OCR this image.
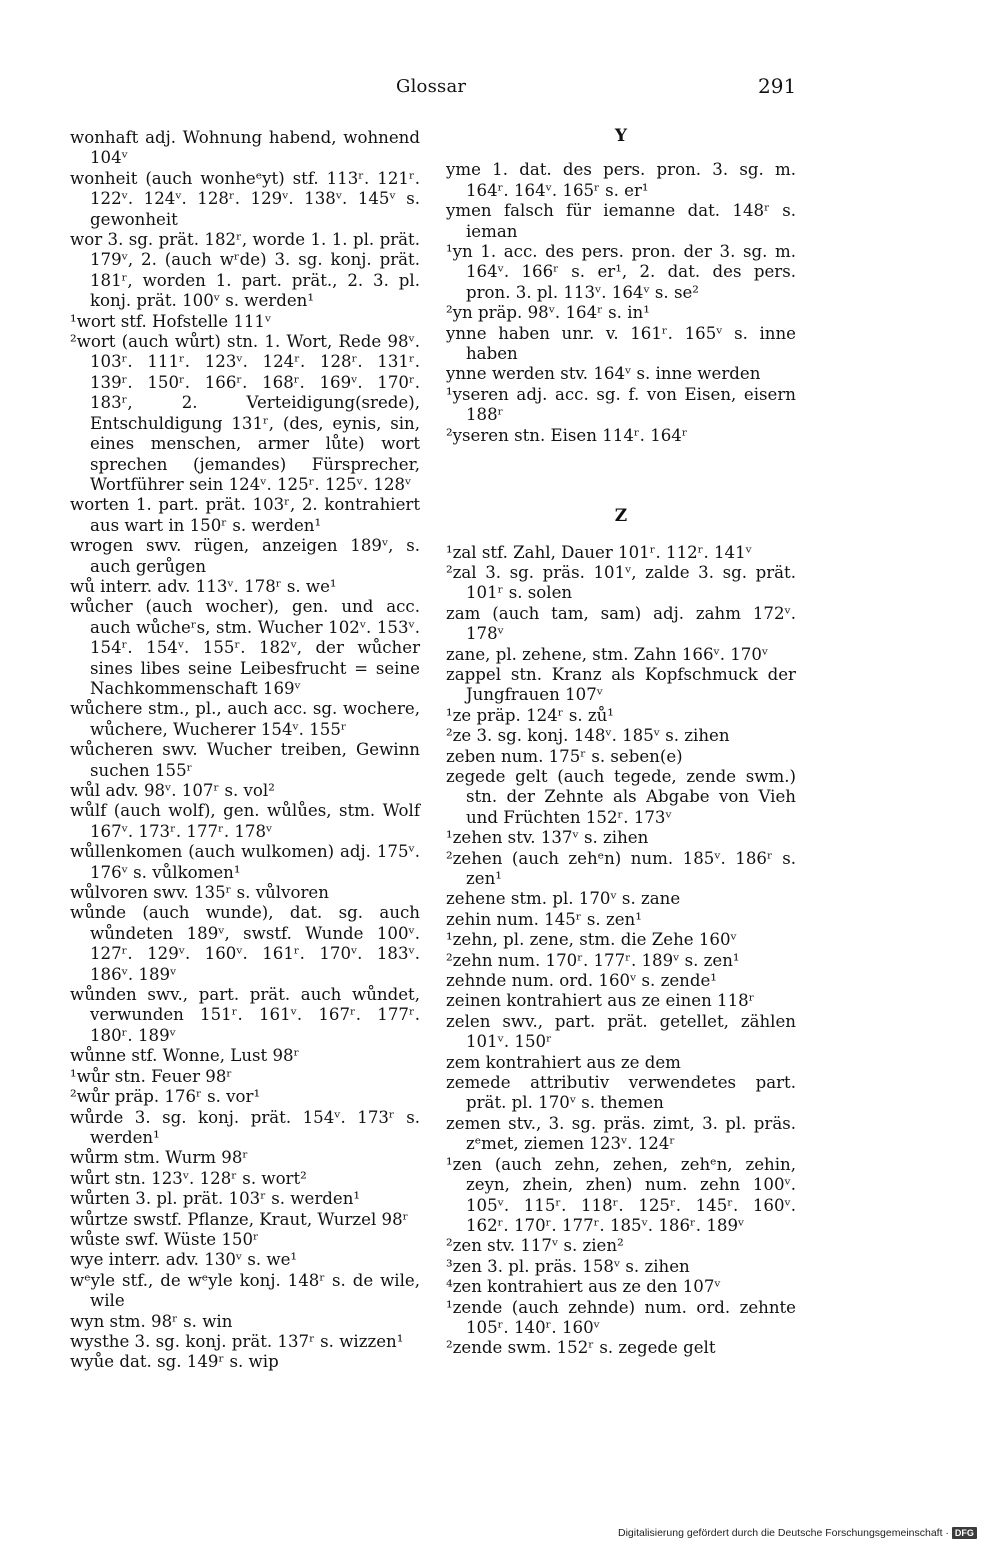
Glossar	291

wonhaft adj. Wohnung habend, wohnend 104ᵛ

wonheit (auch wonheᵉyt) stf. 113ʳ. 121ʳ. 122ᵛ. 124ᵛ. 128ʳ. 129ᵛ. 138ᵛ. 145ᵛ s. gewonheit

wor 3. sg. prät. 182ʳ, worde 1. 1. pl. prät. 179ᵛ, 2. (auch wʳde) 3. sg. konj. prät. 181ʳ, worden 1. part. prät., 2. 3. pl. konj. prät. 100ᵛ s. werden¹

¹wort stf. Hofstelle 111ᵛ

²wort (auch wůrt) stn. 1. Wort, Rede 98ᵛ. 103ʳ. 111ʳ. 123ᵛ. 124ʳ. 128ʳ. 131ʳ. 139ʳ. 150ʳ. 166ʳ. 168ʳ. 169ᵛ. 170ʳ. 183ʳ, 2. Verteidigung(srede), Entschuldigung 131ʳ, (des, eynis, sin, eines menschen, armer lůte) wort sprechen (jemandes) Fürsprecher, Wortführer sein 124ᵛ. 125ʳ. 125ᵛ. 128ᵛ

worten 1. part. prät. 103ʳ, 2. kontrahiert aus wart in 150ʳ s. werden¹

wrogen swv. rügen, anzeigen 189ᵛ, s. auch gerůgen

wů interr. adv. 113ᵛ. 178ʳ s. we¹

wůcher (auch wocher), gen. und acc. auch wůcheʳs, stm. Wucher 102ᵛ. 153ᵛ. 154ʳ. 154ᵛ. 155ʳ. 182ᵛ, der wůcher sines libes seine Leibesfrucht = seine Nachkommenschaft 169ᵛ

wůchere stm., pl., auch acc. sg. wochere, wůchere, Wucherer 154ᵛ. 155ʳ

wůcheren swv. Wucher treiben, Gewinn suchen 155ʳ

wůl adv. 98ᵛ. 107ʳ s. vol²

wůlf (auch wolf), gen. wůlůes, stm. Wolf 167ᵛ. 173ʳ. 177ʳ. 178ᵛ

wůllenkomen (auch wulkomen) adj. 175ᵛ. 176ᵛ s. vůlkomen¹

wůlvoren swv. 135ʳ s. vůlvoren

wůnde (auch wunde), dat. sg. auch wůndeten 189ᵛ, swstf. Wunde 100ᵛ. 127ʳ. 129ᵛ. 160ᵛ. 161ʳ. 170ᵛ. 183ᵛ. 186ᵛ. 189ᵛ

wůnden swv., part. prät. auch wůndet, verwunden 151ʳ. 161ᵛ. 167ʳ. 177ʳ. 180ʳ. 189ᵛ

wůnne stf. Wonne, Lust 98ʳ

¹wůr stn. Feuer 98ʳ

²wůr präp. 176ʳ s. vor¹

wůrde 3. sg. konj. prät. 154ᵛ. 173ʳ s. werden¹

wůrm stm. Wurm 98ʳ

wůrt stn. 123ᵛ. 128ʳ s. wort²

wůrten 3. pl. prät. 103ʳ s. werden¹

wůrtze swstf. Pflanze, Kraut, Wurzel 98ʳ

wůste swf. Wüste 150ʳ

wye interr. adv. 130ᵛ s. we¹

wᵉyle stf., de wᵉyle konj. 148ʳ s. de wile, wile

wyn stm. 98ʳ s. win

wysthe 3. sg. konj. prät. 137ʳ s. wizzen¹

wyůe dat. sg. 149ʳ s. wip

Y

yme 1. dat. des pers. pron. 3. sg. m. 164ʳ. 164ᵛ. 165ʳ s. er¹

ymen falsch für iemanne dat. 148ʳ s. ieman

¹yn 1. acc. des pers. pron. der 3. sg. m. 164ᵛ. 166ʳ s. er¹, 2. dat. des pers. pron. 3. pl. 113ᵛ. 164ᵛ s. se²

²yn präp. 98ᵛ. 164ʳ s. in¹

ynne haben unr. v. 161ʳ. 165ᵛ s. inne haben

ynne werden stv. 164ᵛ s. inne werden

¹yseren adj. acc. sg. f. von Eisen, eisern 188ʳ

²yseren stn. Eisen 114ʳ. 164ʳ

Z

¹zal stf. Zahl, Dauer 101ʳ. 112ʳ. 141ᵛ

²zal 3. sg. präs. 101ᵛ, zalde 3. sg. prät. 101ʳ s. solen

zam (auch tam, sam) adj. zahm 172ᵛ. 178ᵛ

zane, pl. zehene, stm. Zahn 166ᵛ. 170ᵛ

zappel stn. Kranz als Kopfschmuck der Jungfrauen 107ᵛ

¹ze präp. 124ʳ s. zů¹

²ze 3. sg. konj. 148ᵛ. 185ᵛ s. zihen

zeben num. 175ʳ s. seben(e)

zegede gelt (auch tegede, zende swm.) stn. der Zehnte als Abgabe von Vieh und Früchten 152ʳ. 173ᵛ

¹zehen stv. 137ᵛ s. zihen

²zehen (auch zehᵉn) num. 185ᵛ. 186ʳ s. zen¹

zehene stm. pl. 170ᵛ s. zane

zehin num. 145ʳ s. zen¹

¹zehn, pl. zene, stm. die Zehe 160ᵛ

²zehn num. 170ʳ. 177ʳ. 189ᵛ s. zen¹

zehnde num. ord. 160ᵛ s. zende¹

zeinen kontrahiert aus ze einen 118ʳ

zelen swv., part. prät. getellet, zählen 101ᵛ. 150ʳ

zem kontrahiert aus ze dem

zemede attributiv verwendetes part. prät. pl. 170ᵛ s. themen

zemen stv., 3. sg. präs. zimt, 3. pl. präs. zᵉmet, ziemen 123ᵛ. 124ʳ

¹zen (auch zehn, zehen, zehᵉn, zehin, zeyn, zhein, zhen) num. zehn 100ᵛ. 105ᵛ. 115ʳ. 118ʳ. 125ʳ. 145ʳ. 160ᵛ. 162ʳ. 170ʳ. 177ʳ. 185ᵛ. 186ʳ. 189ᵛ

²zen stv. 117ᵛ s. zien²

³zen 3. pl. präs. 158ᵛ s. zihen

⁴zen kontrahiert aus ze den 107ᵛ

¹zende (auch zehnde) num. ord. zehnte 105ʳ. 140ʳ. 160ᵛ

²zende swm. 152ʳ s. zegede gelt

Digitalisierung gefördert durch die Deutsche Forschungsgemeinschaft · DFG
